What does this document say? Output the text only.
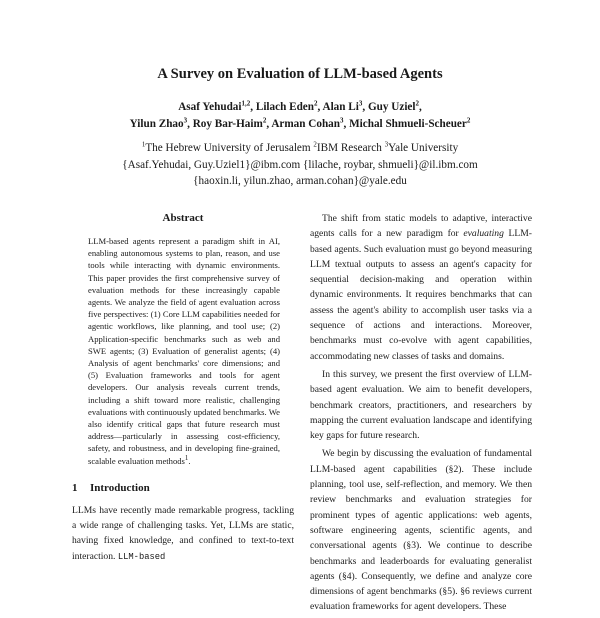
A Survey on Evaluation of LLM-based Agents
Asaf Yehudai$^{1,2}$, Lilach Eden$^2$, Alan Li$^3$, Guy Uziel$^2$,
Yilun Zhao$^3$, Roy Bar-Haim$^2$, Arman Cohan$^3$, Michal Shmueli-Scheuer$^2$
$^1$The Hebrew University of Jerusalem $^2$IBM Research $^3$Yale University
{Asaf.Yehudai, Guy.Uziel1}@ibm.com {lilache, roybar, shmueli}@il.ibm.com
{haoxin.li, yilun.zhao, arman.cohan}@yale.edu
Abstract
LLM-based agents represent a paradigm shift in AI, enabling autonomous systems to plan, reason, and use tools while interacting with dynamic environments. This paper provides the first comprehensive survey of evaluation methods for these increasingly capable agents. We analyze the field of agent evaluation across five perspectives: (1) Core LLM capabilities needed for agentic workflows, like planning, and tool use; (2) Application-specific benchmarks such as web and SWE agents; (3) Evaluation of generalist agents; (4) Analysis of agent benchmarks' core dimensions; and (5) Evaluation frameworks and tools for agent developers. Our analysis reveals current trends, including a shift toward more realistic, challenging evaluations with continuously updated benchmarks. We also identify critical gaps that future research must address—particularly in assessing cost-efficiency, safety, and robustness, and in developing fine-grained, scalable evaluation methods$^1$.
1 Introduction

LLMs have recently made remarkable progress, tackling a wide range of challenging tasks. Yet, LLMs are static, having fixed knowledge, and confined to text-to-text interaction. LLM-based

The shift from static models to adaptive, interactive agents calls for a new paradigm for evaluating LLM-based agents. Such evaluation must go beyond measuring LLM textual outputs to assess an agent's capacity for sequential decision-making and operation within dynamic environments. It requires benchmarks that can assess the agent's ability to accomplish user tasks via a sequence of actions and interactions. Moreover, benchmarks must co-evolve with agent capabilities, accommodating new classes of tasks and domains.

In this survey, we present the first overview of LLM-based agent evaluation. We aim to benefit developers, benchmark creators, practitioners, and researchers by mapping the current evaluation landscape and identifying key gaps for future research.

We begin by discussing the evaluation of fundamental LLM-based agent capabilities (§2). These include planning, tool use, self-reflection, and memory. We then review benchmarks and evaluation strategies for prominent types of agentic applications: web agents, software engineering agents, scientific agents, and conversational agents (§3). We continue to describe benchmarks and leaderboards for evaluating generalist agents (§4). Consequently, we define and analyze core dimensions of agent benchmarks (§5). §6 reviews current evaluation frameworks for agent developers. These
